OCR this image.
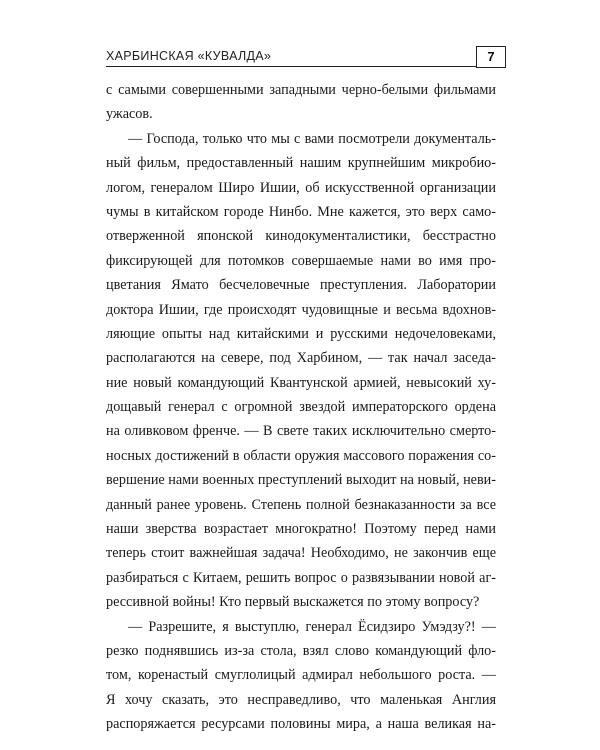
ХАРБИНСКАЯ «КУВАЛДА»	7
с самыми совершенными западными черно-белыми фильмами
ужасов.
— Господа, только что мы с вами посмотрели документаль-
ный фильм, предоставленный нашим крупнейшим микробио-
логом, генералом Широ Ишии, об искусственной организации
чумы в китайском городе Нинбо. Мне кажется, это верх само-
отверженной японской кинодокументалистики, бесстрастно
фиксирующей для потомков совершаемые нами во имя про-
цветания Ямато бесчеловечные преступления. Лаборатории
доктора Ишии, где происходят чудовищные и весьма вдохнов-
ляющие опыты над китайскими и русскими недочеловеками,
располагаются на севере, под Харбином, — так начал заседа-
ние новый командующий Квантунской армией, невысокий ху-
дощавый генерал с огромной звездой императорского ордена
на оливковом френче. — В свете таких исключительно смерто-
носных достижений в области оружия массового поражения со-
вершение нами военных преступлений выходит на новый, неви-
данный ранее уровень. Степень полной безнаказанности за все
наши зверства возрастает многократно! Поэтому перед нами
теперь стоит важнейшая задача! Необходимо, не закончив еще
разбираться с Китаем, решить вопрос о развязывании новой аг-
рессивной войны! Кто первый выскажется по этому вопросу?
— Разрешите, я выступлю, генерал Ёсидзиро Умэдзу?! —
резко поднявшись из-за стола, взял слово командующий фло-
том, коренастый смуглолицый адмирал небольшого роста. —
Я хочу сказать, это несправедливо, что маленькая Англия
распоряжается ресурсами половины мира, а наша великая на-
